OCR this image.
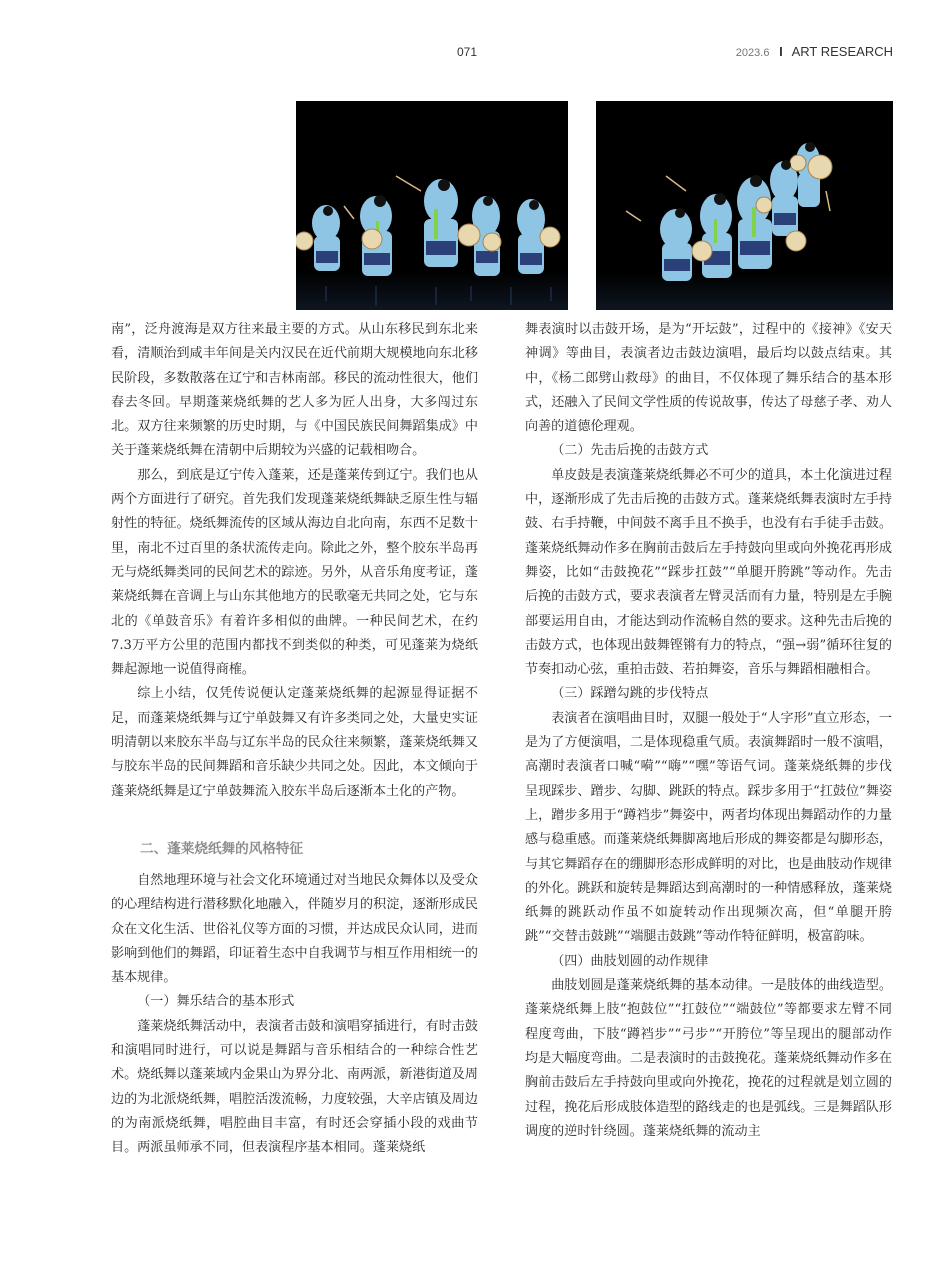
071	2023.6 I ART RESEARCH

南”，泛舟渡海是双方往来最主要的方式。从山东移民到东北来看，清顺治到咸丰年间是关内汉民在近代前期大规模地向东北移民阶段，多数散落在辽宁和吉林南部。移民的流动性很大，他们春去冬回。早期蓬莱烧纸舞的艺人多为匠人出身，大多闯过东北。双方往来频繁的历史时期，与《中国民族民间舞蹈集成》中关于蓬莱烧纸舞在清朝中后期较为兴盛的记载相吻合。

那么，到底是辽宁传入蓬莱，还是蓬莱传到辽宁。我们也从两个方面进行了研究。首先我们发现蓬莱烧纸舞缺乏原生性与辐射性的特征。烧纸舞流传的区域从海边自北向南，东西不足数十里，南北不过百里的条状流传走向。除此之外，整个胶东半岛再无与烧纸舞类同的民间艺术的踪迹。另外，从音乐角度考证，蓬莱烧纸舞在音调上与山东其他地方的民歌毫无共同之处，它与东北的《单鼓音乐》有着许多相似的曲牌。一种民间艺术，在约7.3万平方公里的范围内都找不到类似的种类，可见蓬莱为烧纸舞起源地一说值得商榷。

综上小结，仅凭传说便认定蓬莱烧纸舞的起源显得证据不足，而蓬莱烧纸舞与辽宁单鼓舞又有许多类同之处，大量史实证明清朝以来胶东半岛与辽东半岛的民众往来频繁，蓬莱烧纸舞又与胶东半岛的民间舞蹈和音乐缺少共同之处。因此，本文倾向于蓬莱烧纸舞是辽宁单鼓舞流入胶东半岛后逐渐本土化的产物。

二、蓬莱烧纸舞的风格特征

自然地理环境与社会文化环境通过对当地民众舞体以及受众的心理结构进行潜移默化地融入，伴随岁月的积淀，逐渐形成民众在文化生活、世俗礼仪等方面的习惯，并达成民众认同，进而影响到他们的舞蹈，印证着生态中自我调节与相互作用相统一的基本规律。

（一）舞乐结合的基本形式

蓬莱烧纸舞活动中，表演者击鼓和演唱穿插进行，有时击鼓和演唱同时进行，可以说是舞蹈与音乐相结合的一种综合性艺术。烧纸舞以蓬莱域内金果山为界分北、南两派，新港街道及周边的为北派烧纸舞，唱腔活泼流畅，力度较强，大辛店镇及周边的为南派烧纸舞，唱腔曲目丰富，有时还会穿插小段的戏曲节目。两派虽师承不同，但表演程序基本相同。蓬莱烧纸

舞表演时以击鼓开场，是为“开坛鼓”，过程中的《接神》《安天神调》等曲目，表演者边击鼓边演唱，最后均以鼓点结束。其中，《杨二郎劈山救母》的曲目，不仅体现了舞乐结合的基本形式，还融入了民间文学性质的传说故事，传达了母慈子孝、劝人向善的道德伦理观。

（二）先击后挽的击鼓方式

单皮鼓是表演蓬莱烧纸舞必不可少的道具，本土化演进过程中，逐渐形成了先击后挽的击鼓方式。蓬莱烧纸舞表演时左手持鼓、右手持鞭，中间鼓不离手且不换手，也没有右手徒手击鼓。蓬莱烧纸舞动作多在胸前击鼓后左手持鼓向里或向外挽花再形成舞姿，比如“击鼓挽花”“踩步扛鼓”“单腿开胯跳”等动作。先击后挽的击鼓方式，要求表演者左臂灵活而有力量，特别是左手腕部要运用自由，才能达到动作流畅自然的要求。这种先击后挽的击鼓方式，也体现出鼓舞铿锵有力的特点，“强→弱”循环往复的节奏扣动心弦，重拍击鼓、若拍舞姿，音乐与舞蹈相融相合。

（三）踩蹭勾跳的步伐特点

表演者在演唱曲目时，双腿一般处于“人字形”直立形态，一是为了方便演唱，二是体现稳重气质。表演舞蹈时一般不演唱，高潮时表演者口喊“嗬”“嗨”“嘿”等语气词。蓬莱烧纸舞的步伐呈现踩步、蹭步、勾脚、跳跃的特点。踩步多用于“扛鼓位”舞姿上，蹭步多用于“蹲裆步”舞姿中，两者均体现出舞蹈动作的力量感与稳重感。而蓬莱烧纸舞脚离地后形成的舞姿都是勾脚形态，与其它舞蹈存在的绷脚形态形成鲜明的对比，也是曲肢动作规律的外化。跳跃和旋转是舞蹈达到高潮时的一种情感释放，蓬莱烧纸舞的跳跃动作虽不如旋转动作出现频次高，但“单腿开胯跳”“交替击鼓跳”“端腿击鼓跳”等动作特征鲜明，极富韵味。

（四）曲肢划圆的动作规律

曲肢划圆是蓬莱烧纸舞的基本动律。一是肢体的曲线造型。蓬莱烧纸舞上肢“抱鼓位”“扛鼓位”“端鼓位”等都要求左臂不同程度弯曲，下肢“蹲裆步”“弓步”“开胯位”等呈现出的腿部动作均是大幅度弯曲。二是表演时的击鼓挽花。蓬莱烧纸舞动作多在胸前击鼓后左手持鼓向里或向外挽花，挽花的过程就是划立圆的过程，挽花后形成肢体造型的路线走的也是弧线。三是舞蹈队形调度的逆时针绕圆。蓬莱烧纸舞的流动主
